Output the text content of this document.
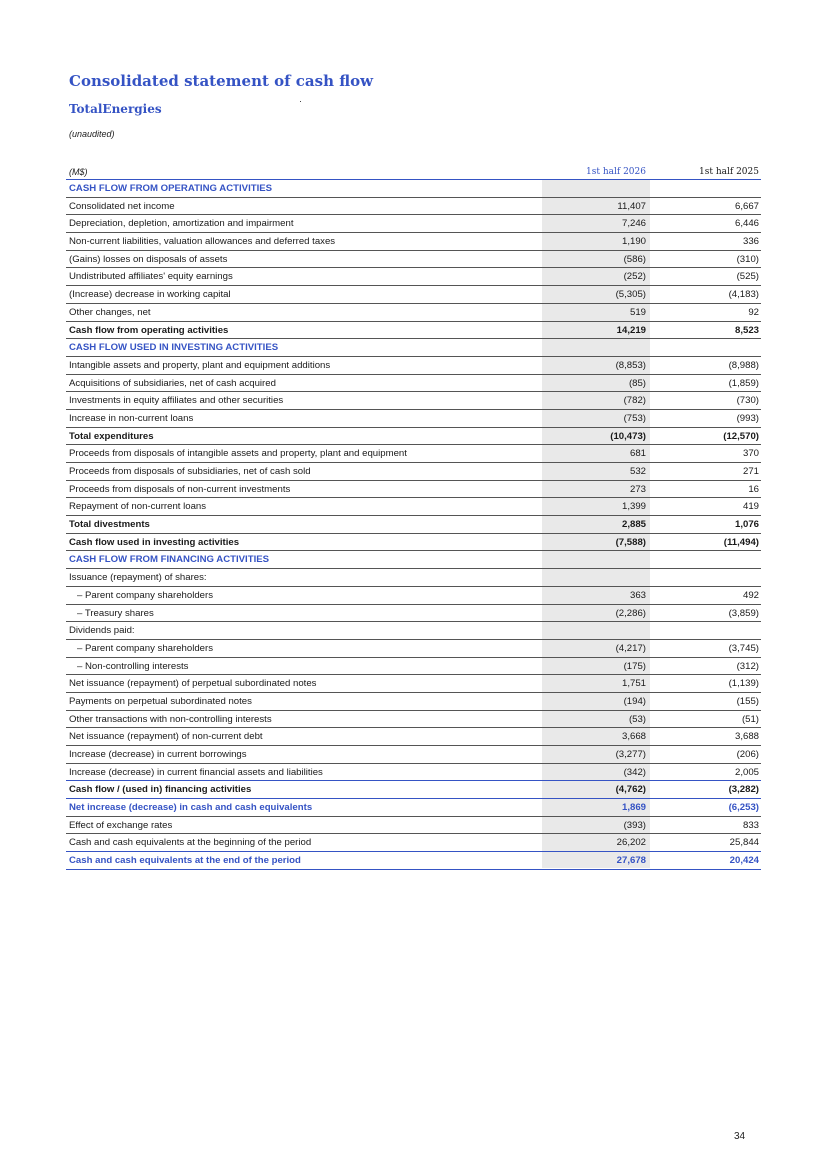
Consolidated statement of cash flow
TotalEnergies
(unaudited)
(M$)	1st half 2026	1st half 2025
CASH FLOW FROM OPERATING ACTIVITIES
Consolidated net income	11,407	6,667
Depreciation, depletion, amortization and impairment	7,246	6,446
Non-current liabilities, valuation allowances and deferred taxes	1,190	336
(Gains) losses on disposals of assets	(586)	(310)
Undistributed affiliates' equity earnings	(252)	(525)
(Increase) decrease in working capital	(5,305)	(4,183)
Other changes, net	519	92
Cash flow from operating activities	14,219	8,523
CASH FLOW USED IN INVESTING ACTIVITIES
Intangible assets and property, plant and equipment additions	(8,853)	(8,988)
Acquisitions of subsidiaries, net of cash acquired	(85)	(1,859)
Investments in equity affiliates and other securities	(782)	(730)
Increase in non-current loans	(753)	(993)
Total expenditures	(10,473)	(12,570)
Proceeds from disposals of intangible assets and property, plant and equipment	681	370
Proceeds from disposals of subsidiaries, net of cash sold	532	271
Proceeds from disposals of non-current investments	273	16
Repayment of non-current loans	1,399	419
Total divestments	2,885	1,076
Cash flow used in investing activities	(7,588)	(11,494)
CASH FLOW FROM FINANCING ACTIVITIES
Issuance (repayment) of shares:
– Parent company shareholders	363	492
– Treasury shares	(2,286)	(3,859)
Dividends paid:
– Parent company shareholders	(4,217)	(3,745)
– Non-controlling interests	(175)	(312)
Net issuance (repayment) of perpetual subordinated notes	1,751	(1,139)
Payments on perpetual subordinated notes	(194)	(155)
Other transactions with non-controlling interests	(53)	(51)
Net issuance (repayment) of non-current debt	3,668	3,688
Increase (decrease) in current borrowings	(3,277)	(206)
Increase (decrease) in current financial assets and liabilities	(342)	2,005
Cash flow / (used in) financing activities	(4,762)	(3,282)
Net increase (decrease) in cash and cash equivalents	1,869	(6,253)
Effect of exchange rates	(393)	833
Cash and cash equivalents at the beginning of the period	26,202	25,844
Cash and cash equivalents at the end of the period	27,678	20,424
34
